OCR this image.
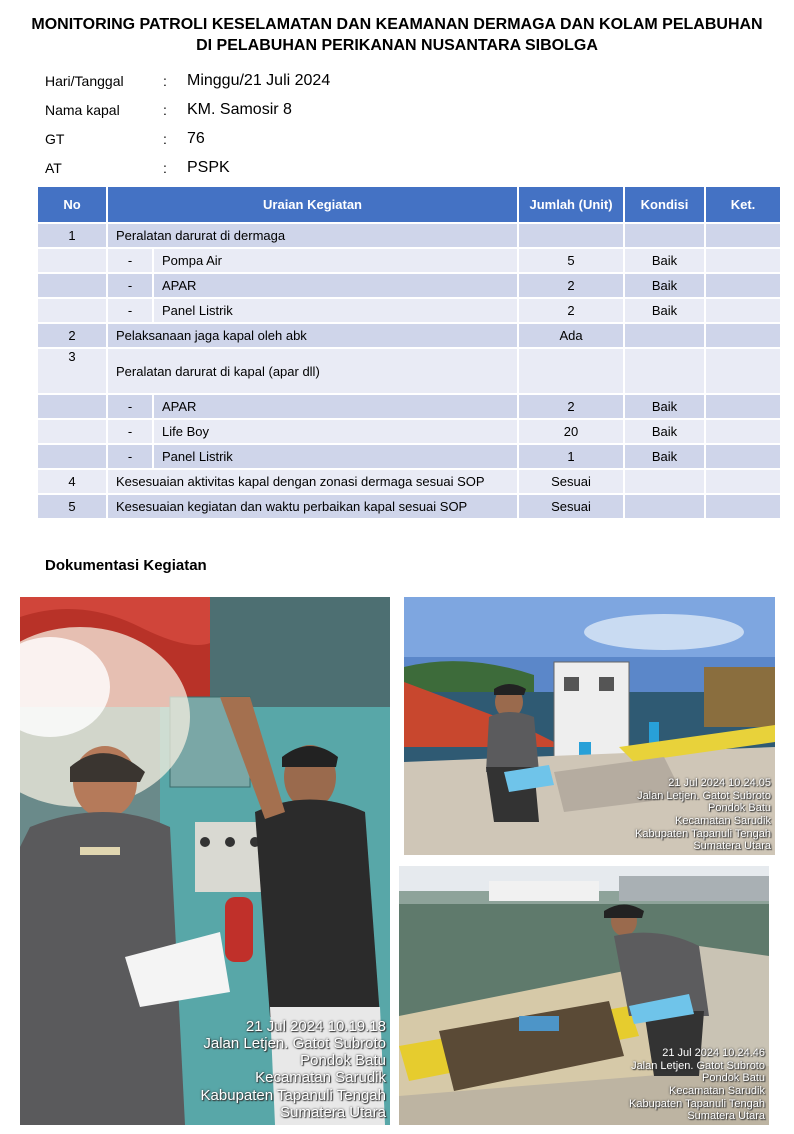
MONITORING PATROLI KESELAMATAN DAN KEAMANAN DERMAGA DAN KOLAM PELABUHAN
DI PELABUHAN PERIKANAN NUSANTARA SIBOLGA
Hari/Tanggal	:	Minggu/21 Juli 2024
Nama kapal	:	KM. Samosir 8
GT	:	76
AT	:	PSPK
No	Uraian Kegiatan		Jumlah (Unit)	Kondisi	Ket.
1	Peralatan darurat di dermaga				
	-	Pompa Air	5	Baik	
	-	APAR	2	Baik	
	-	Panel Listrik	2	Baik	
2	Pelaksanaan jaga kapal oleh abk		Ada		
3	Peralatan darurat di kapal (apar dll)				
	-	APAR	2	Baik	
	-	Life Boy	20	Baik	
	-	Panel Listrik	1	Baik	
4	Kesesuaian aktivitas kapal dengan zonasi dermaga sesuai SOP		Sesuai		
5	Kesesuaian kegiatan dan waktu perbaikan kapal sesuai SOP		Sesuai		
Dokumentasi Kegiatan
21 Jul 2024 10.19.18
Jalan Letjen. Gatot Subroto
Pondok Batu
Kecamatan Sarudik
Kabupaten Tapanuli Tengah
Sumatera Utara
21 Jul 2024 10.24.05
Jalan Letjen. Gatot Subroto
Pondok Batu
Kecamatan Sarudik
Kabupaten Tapanuli Tengah
Sumatera Utara
21 Jul 2024 10.24.46
Jalan Letjen. Gatot Subroto
Pondok Batu
Kecamatan Sarudik
Kabupaten Tapanuli Tengah
Sumatera Utara
